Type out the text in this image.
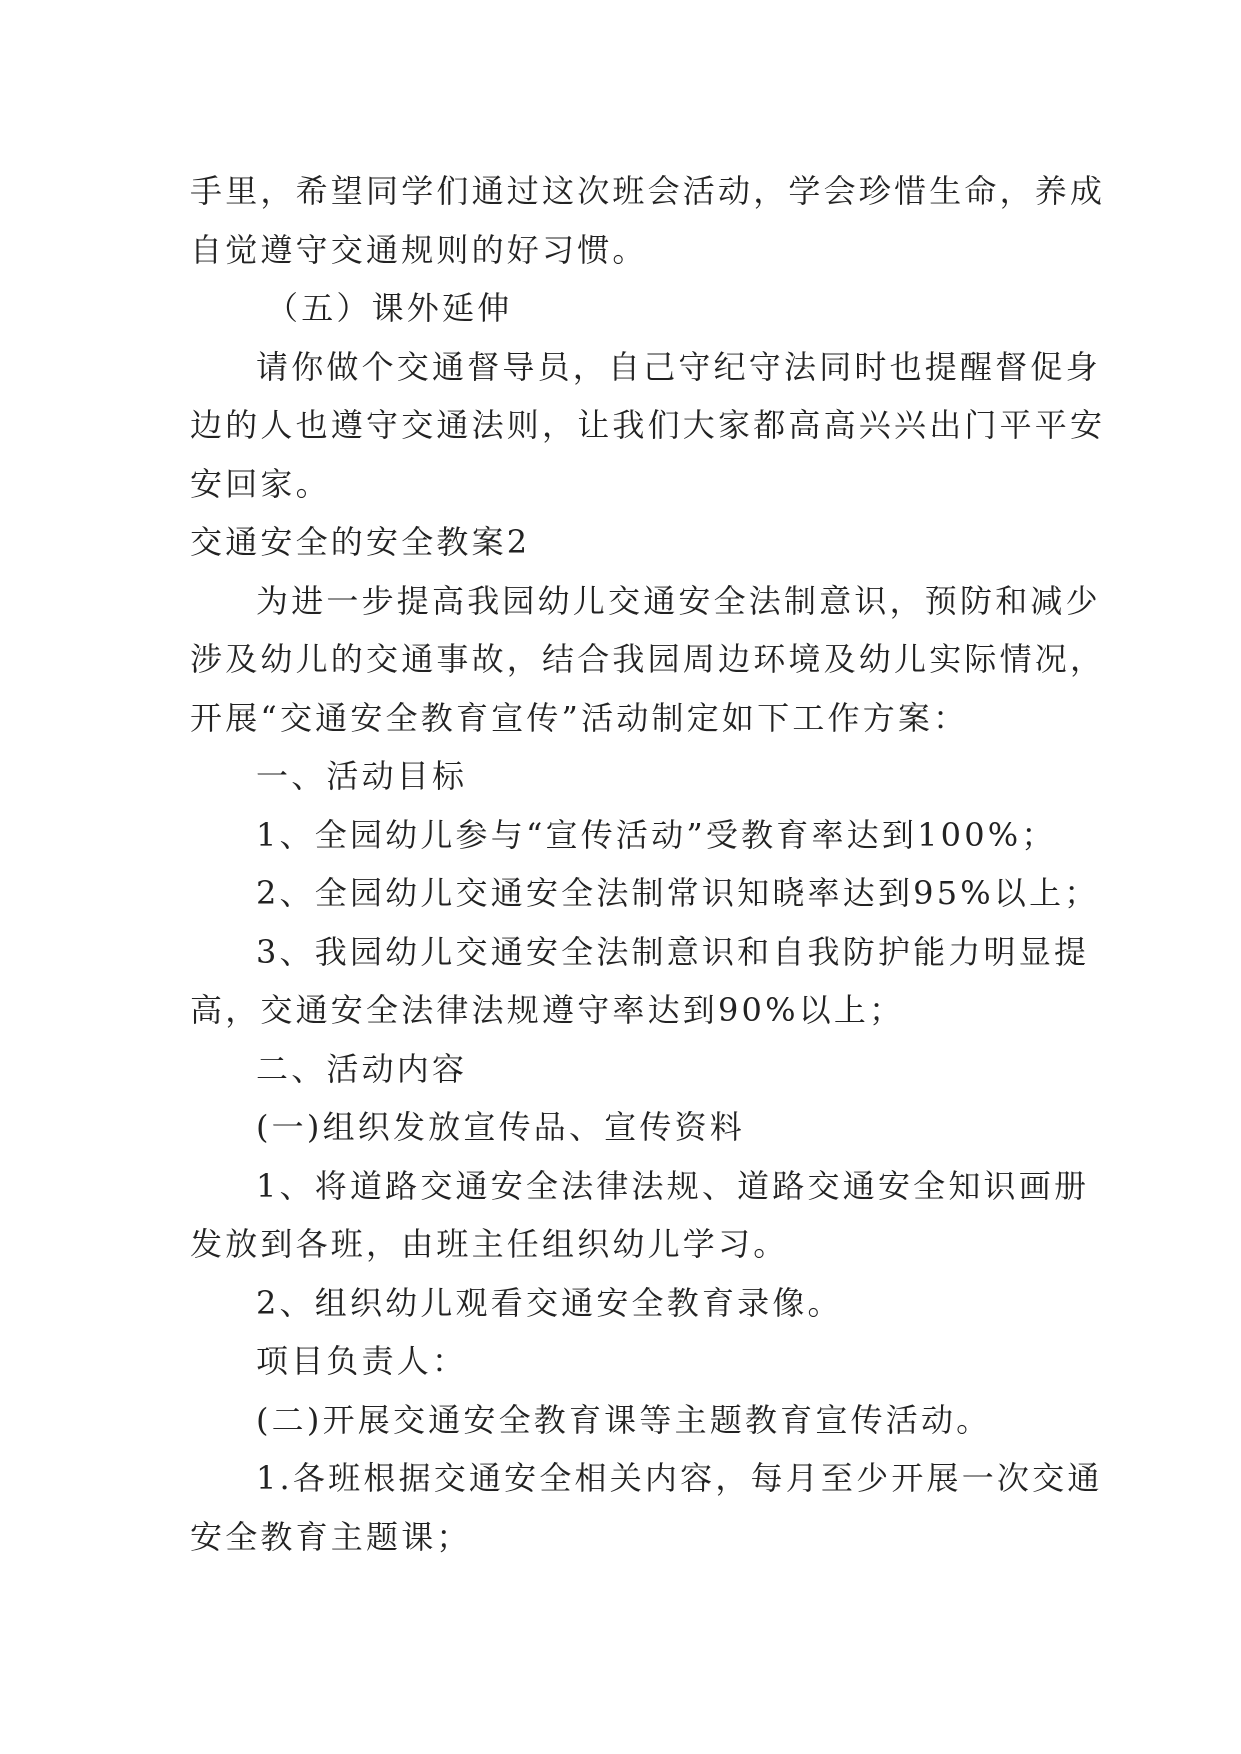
手里，希望同学们通过这次班会活动，学会珍惜生命，养成
自觉遵守交通规则的好习惯。
（五）课外延伸
请你做个交通督导员，自己守纪守法同时也提醒督促身
边的人也遵守交通法则，让我们大家都高高兴兴出门平平安
安回家。
交通安全的安全教案2
为进一步提高我园幼儿交通安全法制意识，预防和减少
涉及幼儿的交通事故，结合我园周边环境及幼儿实际情况，
开展“交通安全教育宣传”活动制定如下工作方案：
一、活动目标
1、全园幼儿参与“宣传活动”受教育率达到100%；
2、全园幼儿交通安全法制常识知晓率达到95%以上；
3、我园幼儿交通安全法制意识和自我防护能力明显提
高，交通安全法律法规遵守率达到90%以上；
二、活动内容
(一)组织发放宣传品、宣传资料
1、将道路交通安全法律法规、道路交通安全知识画册
发放到各班，由班主任组织幼儿学习。
2、组织幼儿观看交通安全教育录像。
项目负责人：
(二)开展交通安全教育课等主题教育宣传活动。
1.各班根据交通安全相关内容，每月至少开展一次交通
安全教育主题课；
